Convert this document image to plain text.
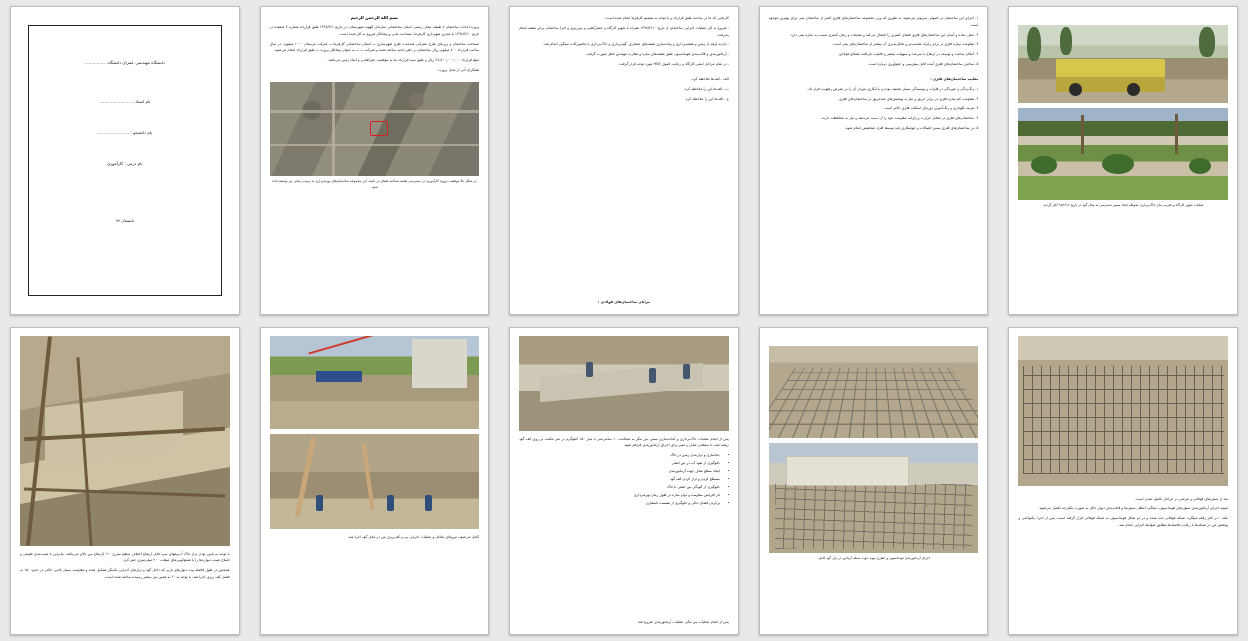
دانشگاه مهندسی عمران دانشگاه ................
نام استاد : ........................
نام دانشجو : ........................
نام درس : کارآموزی
تابستان ۹۶
بسم الله الرحمن الرحیم

پروژه احداث ساختمان ۸ طبقه، محل رسمی استان ساختمانی سازمان الهوند شهرستان، در تاریخ ۱۳۹۸/۳/۱ طبق قرارداد شماره ۴ منعقده در تاریخ ۱۳۹۸/۲/۱۰ با مجری شهرداری کارفرما، مساحت بنایی و پیمانکار شروع به کار شده است.

مساحت ساختمان و زیربنای طرح عمرانی بلندمدت طرح شهرسازی ـــ استان ساختمانی کارفرما ـــ شرکت مرستان ۱۰۰۰ میلیون، در سال ساخت قرارداد ۸۰۰ میلیون ریال ساختمان در دفتر ناحیه ساخته شده و شرکت ـــ ـــ به عنوان پیمانکار پروژه ـــ طبق قرارداد انجام می‌شود.

مبلغ قرارداد ۲۸٫۷۰۰٫۰۰۰٫۰۰۰ ریال و طبق سند قرارداد بنا به موقعیت جغرافیایی و ابعاد زمین می‌باشد.

همکاران آتی از محل پروژه :

در شکل بالا موقعیت پروژه کارآموزی در دسترسی نقشه شناخته فضای در باشد، این مجموعه ساختمان‌های بهره‌برداری به ترتیب زمانی نیز توسعه داده شود.

کارهایی که ما در ساخت طبق قرارداد و با توجه به تصمیم کارفرما انجام شده است :

ـ شروع به کار عملیات اجرایی ساختمان از تاریخ ۱۳۹۸/۲/۱۰ همراه با تجهیز کارگاه و حصارکشی و بتن‌ریزی و اجرا ساختمان برابر نقشه انجام پذیرفت.

ـ بازدید اولیه از زمین و نقشه‌برداری و پیاده‌سازی نقشه‌های معماری، گودبرداری و خاک‌برداری با ماشین‌آلات سنگین انجام شد.

ـ آرماتوربندی و قالب‌بندی فونداسیون طبق نقشه‌های سازه و نظارت مهندس ناظر صورت گرفت.

ـ در تمام مراحل ایمنی کارگاه و رعایت اصول HSE مورد توجه قرار گرفت.

الف ـ الف‌ها ملاحظه کرد.

ب ـ الف‌ها این را ملاحظه کرد.

ج ـ الف‌ها این را ملاحظه کرد.

مزایای ساختمان‌های فولادی :

۱. اجرای این ساختمان در اصولی سریع‌تر می‌شود، به طوری که وزن مجموعه ساختمان‌های فلزی کمتر از ساختمان بتنی برای بهترین موجود است.

۲. حمل ساده و آسان این ساختمان‌های فلزی فضای کمتری را اشغال می‌کند و ضایعات و زمان کمتری نسبت به سازه بتنی دارد.

۳. مقاومت سازه فلزی در برابر زلزله مناسب‌تر و شکل‌پذیری آن بیشتر از ساختمان‌های بتنی است.

۴. امکان ساخت و توسعه در ارتفاع با سرعت و سهولت بیشتر و قابلیت بازیافت مصالح فولادی.

۵. ساختن ساختمان‌های فلزی آینده قابل پیش‌بینی و جمع‌آوری دوباره است.

معایب ساختمان‌های فلزی :

۱. زنگ‌زدگی و خوردگی در فلزات و پوسیدگی بسیار ضعیف بوده و با آبکاری میزان آن را در معرض رطوبت قرار داد.

۲. مقاومت کم سازه فلزی در برابر حریق و نیاز به پوشش‌های ضدحریق در ساختمان‌های فلزی.

۳. هزینه نگهداری و رنگ‌آمیزی دوره‌ای اسکلت فلزی بالاتر است.

۴. ساختمان‌های فلزی در مقابل حرارت و زلزله، مقاومت خود را از دست می‌دهند و نیاز به محافظت دارند.

۵. در ساختمان‌های فلزی بستن اتصالات و جوشکاری باید توسط افراد متخصص انجام شود.

عملیات تجهیز کارگاه و تخریب بنای خاک‌برداری محوطه ایجاد مسیر دسترسی به محل گود در تاریخ ۹۸/۲/۱۲ آغاز گردید.

با توجه به پایین بودن تراز خاک آب‌وهوای سرد قابل ارتفاع اختلاف سطح نیم‌رخ ۱۰٪ (ارتفاع بین بالای می‌باشد. بنابراین با شیب‌بندی طبیعی و اصلاح شیب دیواره‌ها را با شمع‌کوبی‌های موقت ۲۰۰ میلی‌متری حفر کرد.

همچنین در طول فاصله پیت دیوارهای باربر که داخل گود و ترازهای اجرایی یکدیگر تشکیل شده و مقاومت بسیار بالایی خاکی در حدود ۱۵۰ به فشار کف ریزی اجرا شد، با توجه به ۲۰ به همین بتن بیشتر رسیده ساخته شده است.

کامل می‌شود، نیروهای شاغل و عملیات اجرایی پی و کف‌ریزی بتن در محل گود اجرا شد.

پس از اتمام عملیات خاک‌برداری و آماده‌سازی بستر، بتن مگر به ضخامت ۱۰ سانتی‌متر با عیار ۱۵۰ کیلوگرم در متر مکعب بر روی کف گود ریخته شد، تا سطحی صاف و تمیز برای اجرای آرماتوربندی فراهم شود.

• جداسازی و ترازبندی زمین در خاک
• جلوگیری از نفوذ آب در بتن اصلی
• ایجاد سطح صاف جهت آرماتوربندی
• مسطح کردن و تراز کردن کف گود
• جلوگیری از آلودگی بتن اصلی با خاک
• اثر افزایش مقاومت و دوام سازه در طول زمان بهره‌برداری
• پرکردن فضای خالی و جلوگیری از نشست نامتقارن
پس از اتمام عملیات بتن مگر، عملیات آرماتوربندی شروع شد.
اجرای آرماتوربندی فونداسیون و حفاری پیوند جهت شبکه آرماتور در تراز گود کامل.

بعد از بستن‌های فوقانی و عرضی در مراحل تکمیل شدن است.

نمونه اجرای آرماتوربندی ستون‌های فونداسیون، میلگرد انتظار ستون‌ها و قالب‌بندی دیوار حائل به صورت یکپارچه تکمیل می‌شود.

نکته : در کنار رقعه میلگرد، شبکه فوقانی ثبت شده و در دو شکل فونداسیون به شبکه فوقانی قرار گرفته است، پس از اجرا، یکنواختی و پوشش بتن در شبکه‌ها با رعایت فاصله‌ها مطابق ضوابط اجرایی انجام شد.
